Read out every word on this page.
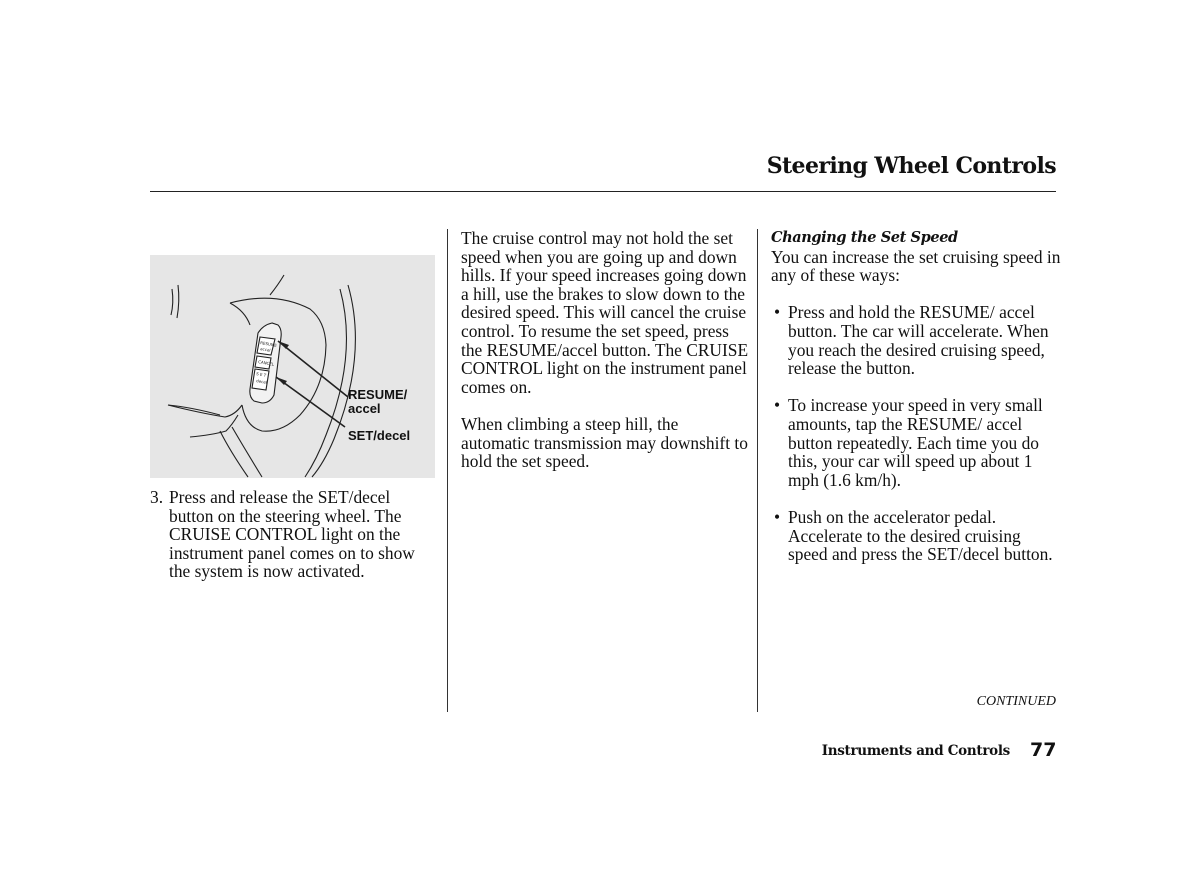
Steering Wheel Controls
RESUME
accel
CANCEL
S E T
decel
RESUME/
accel
SET/decel
3. Press and release the SET/decel button on the steering wheel. The CRUISE CONTROL light on the instrument panel comes on to show the system is now activated.

The cruise control may not hold the set speed when you are going up and down hills. If your speed increases going down a hill, use the brakes to slow down to the desired speed. This will cancel the cruise control. To resume the set speed, press the RESUME/accel button. The CRUISE CONTROL light on the instrument panel comes on.

When climbing a steep hill, the automatic transmission may downshift to hold the set speed.

Changing the Set Speed
You can increase the set cruising speed in any of these ways:
• Press and hold the RESUME/ accel button. The car will accelerate. When you reach the desired cruising speed, release the button.
• To increase your speed in very small amounts, tap the RESUME/ accel button repeatedly. Each time you do this, your car will speed up about 1 mph (1.6 km/h).
• Push on the accelerator pedal. Accelerate to the desired cruising speed and press the SET/decel button.
CONTINUED
Instruments and Controls 77
